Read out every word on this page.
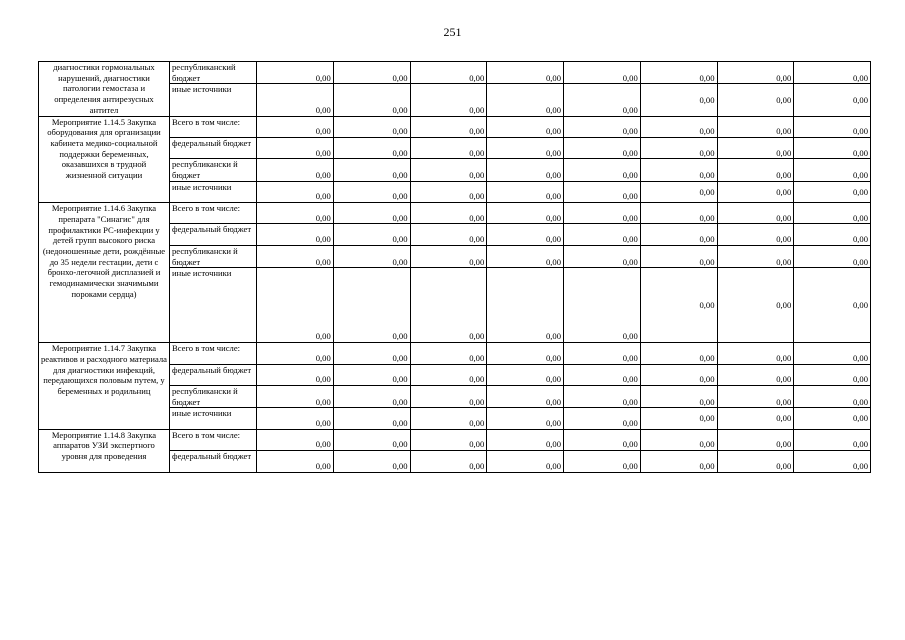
251
диагностики гормональных нарушений, диагностики патологии гемостаза и определения антирезусных антител	республиканский бюджет	0,00	0,00	0,00	0,00	0,00	0,00	0,00	0,00
	иные источники	0,00	0,00	0,00	0,00	0,00	0,00	0,00	0,00
Мероприятие 1.14.5 Закупка оборудования для организации кабинета медико-социальной поддержки беременных, оказавшихся в трудной жизненной ситуации	Всего в том числе:	0,00	0,00	0,00	0,00	0,00	0,00	0,00	0,00
	федеральный бюджет	0,00	0,00	0,00	0,00	0,00	0,00	0,00	0,00
	республикански й бюджет	0,00	0,00	0,00	0,00	0,00	0,00	0,00	0,00
	иные источники	0,00	0,00	0,00	0,00	0,00	0,00	0,00	0,00
Мероприятие 1.14.6 Закупка препарата "Синагис" для профилактики РС-инфекции у детей групп высокого риска (недоношенные дети, рождённые до 35 недели гестации, дети с бронхо-легочной дисплазией и гемодинамически значимыми пороками сердца)	Всего в том числе:	0,00	0,00	0,00	0,00	0,00	0,00	0,00	0,00
	федеральный бюджет	0,00	0,00	0,00	0,00	0,00	0,00	0,00	0,00
	республикански й бюджет	0,00	0,00	0,00	0,00	0,00	0,00	0,00	0,00
	иные источники	0,00	0,00	0,00	0,00	0,00	0,00	0,00	0,00
Мероприятие 1.14.7 Закупка реактивов и расходного материала для диагностики инфекций, передающихся половым путем, у беременных и родильниц	Всего в том числе:	0,00	0,00	0,00	0,00	0,00	0,00	0,00	0,00
	федеральный бюджет	0,00	0,00	0,00	0,00	0,00	0,00	0,00	0,00
	республикански й бюджет	0,00	0,00	0,00	0,00	0,00	0,00	0,00	0,00
	иные источники	0,00	0,00	0,00	0,00	0,00	0,00	0,00	0,00
Мероприятие 1.14.8 Закупка аппаратов УЗИ экспертного уровня для проведения	Всего в том числе:	0,00	0,00	0,00	0,00	0,00	0,00	0,00	0,00
	федеральный бюджет	0,00	0,00	0,00	0,00	0,00	0,00	0,00	0,00
